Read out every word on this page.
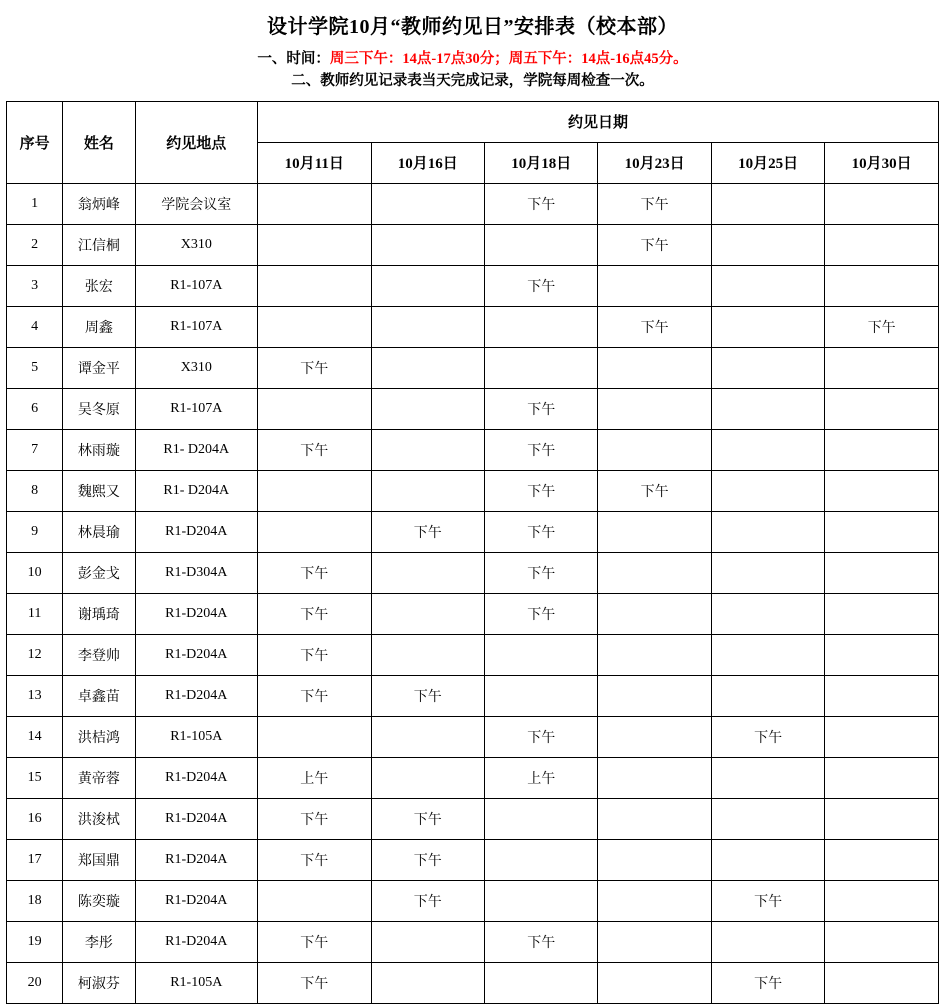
设计学院10月“教师约见日”安排表（校本部）
一、时间：周三下午：14点-17点30分；周五下午：14点-16点45分。
二、教师约见记录表当天完成记录，学院每周检查一次。
序号	姓名	约见地点	约见日期					
			10月11日	10月16日	10月18日	10月23日	10月25日	10月30日
1	翁炳峰	学院会议室			下午	下午		
2	江信桐	X310				下午		
3	张宏	R1-107A			下午			
4	周鑫	R1-107A				下午		下午
5	谭金平	X310	下午					
6	吴冬原	R1-107A			下午			
7	林雨璇	R1- D204A	下午		下午			
8	魏熙又	R1- D204A			下午	下午		
9	林晨瑜	R1-D204A		下午	下午			
10	彭金戈	R1-D304A	下午		下午			
11	谢瑀琦	R1-D204A	下午		下午			
12	李登帅	R1-D204A	下午					
13	卓鑫苗	R1-D204A	下午	下午				
14	洪桔鸿	R1-105A			下午		下午	
15	黄帝蓉	R1-D204A	上午		上午			
16	洪浚栻	R1-D204A	下午	下午				
17	郑国鼎	R1-D204A	下午	下午				
18	陈奕璇	R1-D204A		下午			下午	
19	李彤	R1-D204A	下午		下午			
20	柯淑芬	R1-105A	下午				下午	
